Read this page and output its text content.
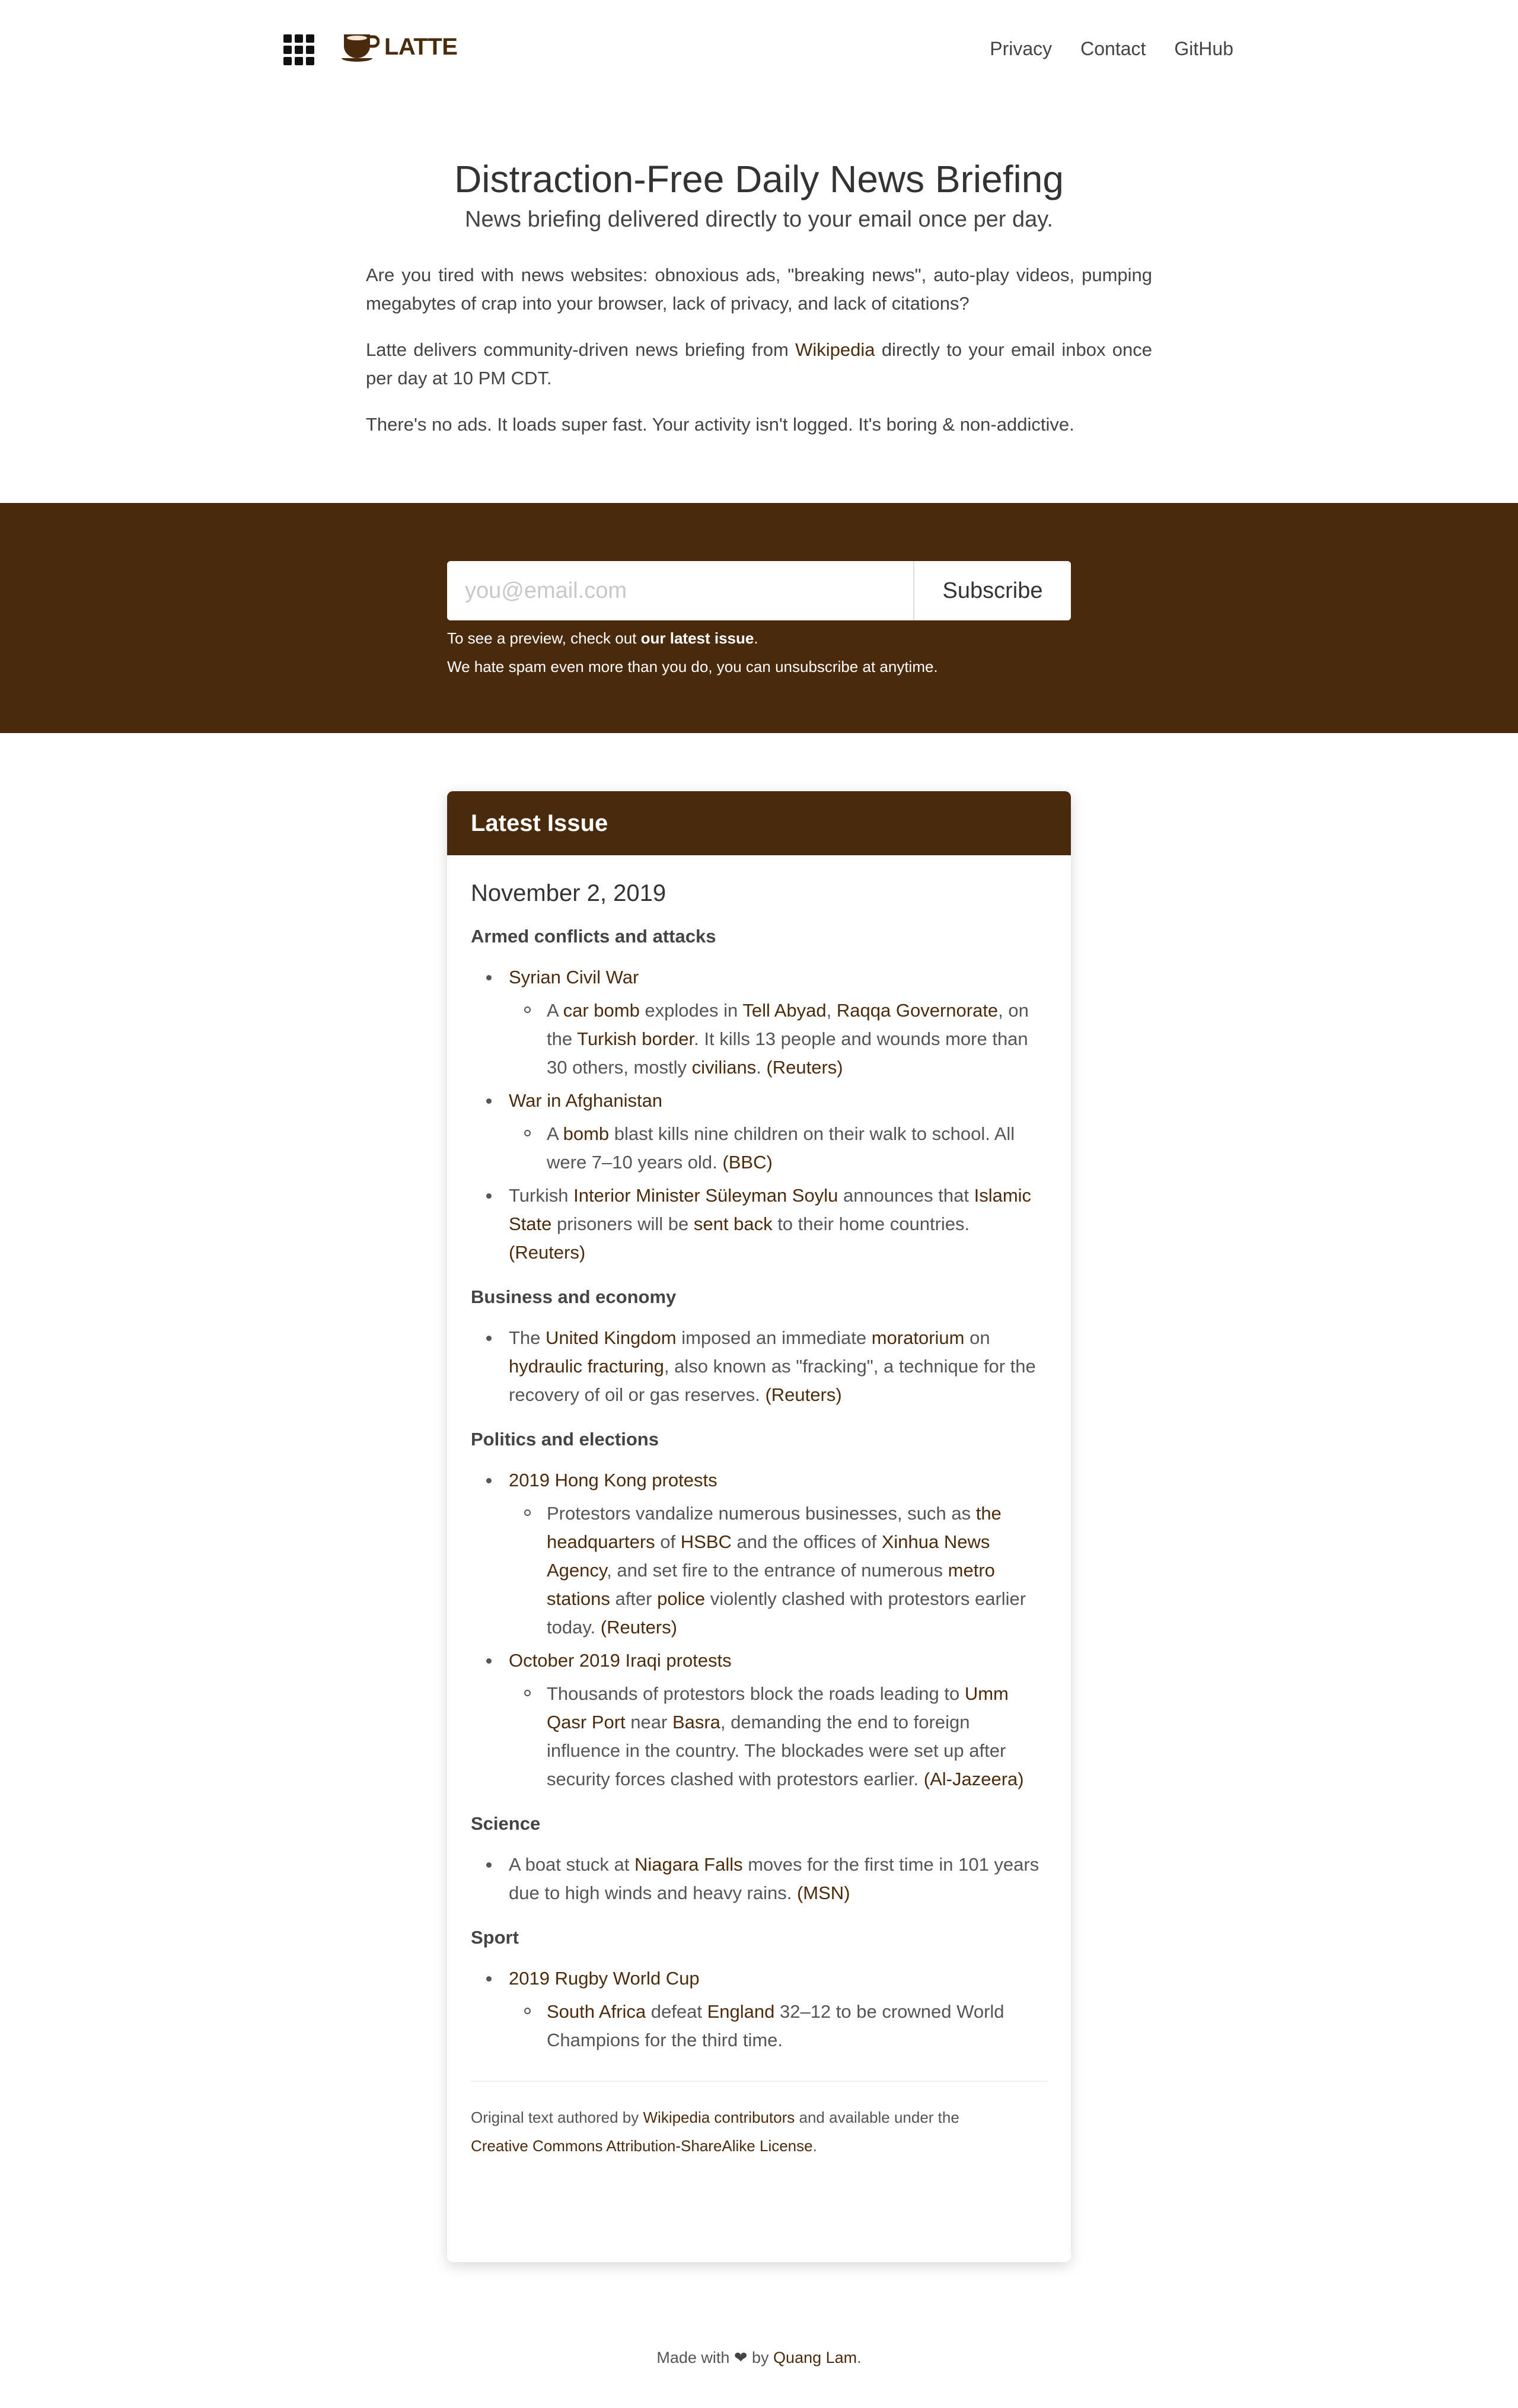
LATTE	Privacy Contact GitHub
Distraction-Free Daily News Briefing
News briefing delivered directly to your email once per day.

Are you tired with news websites: obnoxious ads, "breaking news", auto-play videos, pumping megabytes of crap into your browser, lack of privacy, and lack of citations?

Latte delivers community-driven news briefing from Wikipedia directly to your email inbox once per day at 10 PM CDT.

There's no ads. It loads super fast. Your activity isn't logged. It's boring & non-addictive.

you@email.com
Subscribe
To see a preview, check out our latest issue.
We hate spam even more than you do, you can unsubscribe at anytime.
Latest Issue
November 2, 2019
Armed conflicts and attacks
Syrian Civil War
A car bomb explodes in Tell Abyad, Raqqa Governorate, on the Turkish border. It kills 13 people and wounds more than 30 others, mostly civilians. (Reuters)
War in Afghanistan
A bomb blast kills nine children on their walk to school. All were 7–10 years old. (BBC)
Turkish Interior Minister Süleyman Soylu announces that Islamic State prisoners will be sent back to their home countries. (Reuters)
Business and economy
The United Kingdom imposed an immediate moratorium on hydraulic fracturing, also known as "fracking", a technique for the recovery of oil or gas reserves. (Reuters)
Politics and elections
2019 Hong Kong protests
Protestors vandalize numerous businesses, such as the headquarters of HSBC and the offices of Xinhua News Agency, and set fire to the entrance of numerous metro stations after police violently clashed with protestors earlier today. (Reuters)
October 2019 Iraqi protests
Thousands of protestors block the roads leading to Umm Qasr Port near Basra, demanding the end to foreign influence in the country. The blockades were set up after security forces clashed with protestors earlier. (Al-Jazeera)
Science
A boat stuck at Niagara Falls moves for the first time in 101 years due to high winds and heavy rains. (MSN)
Sport
2019 Rugby World Cup
South Africa defeat England 32–12 to be crowned World Champions for the third time.
Original text authored by Wikipedia contributors and available under the
Creative Commons Attribution-ShareAlike License.
Made with ❤ by Quang Lam.
